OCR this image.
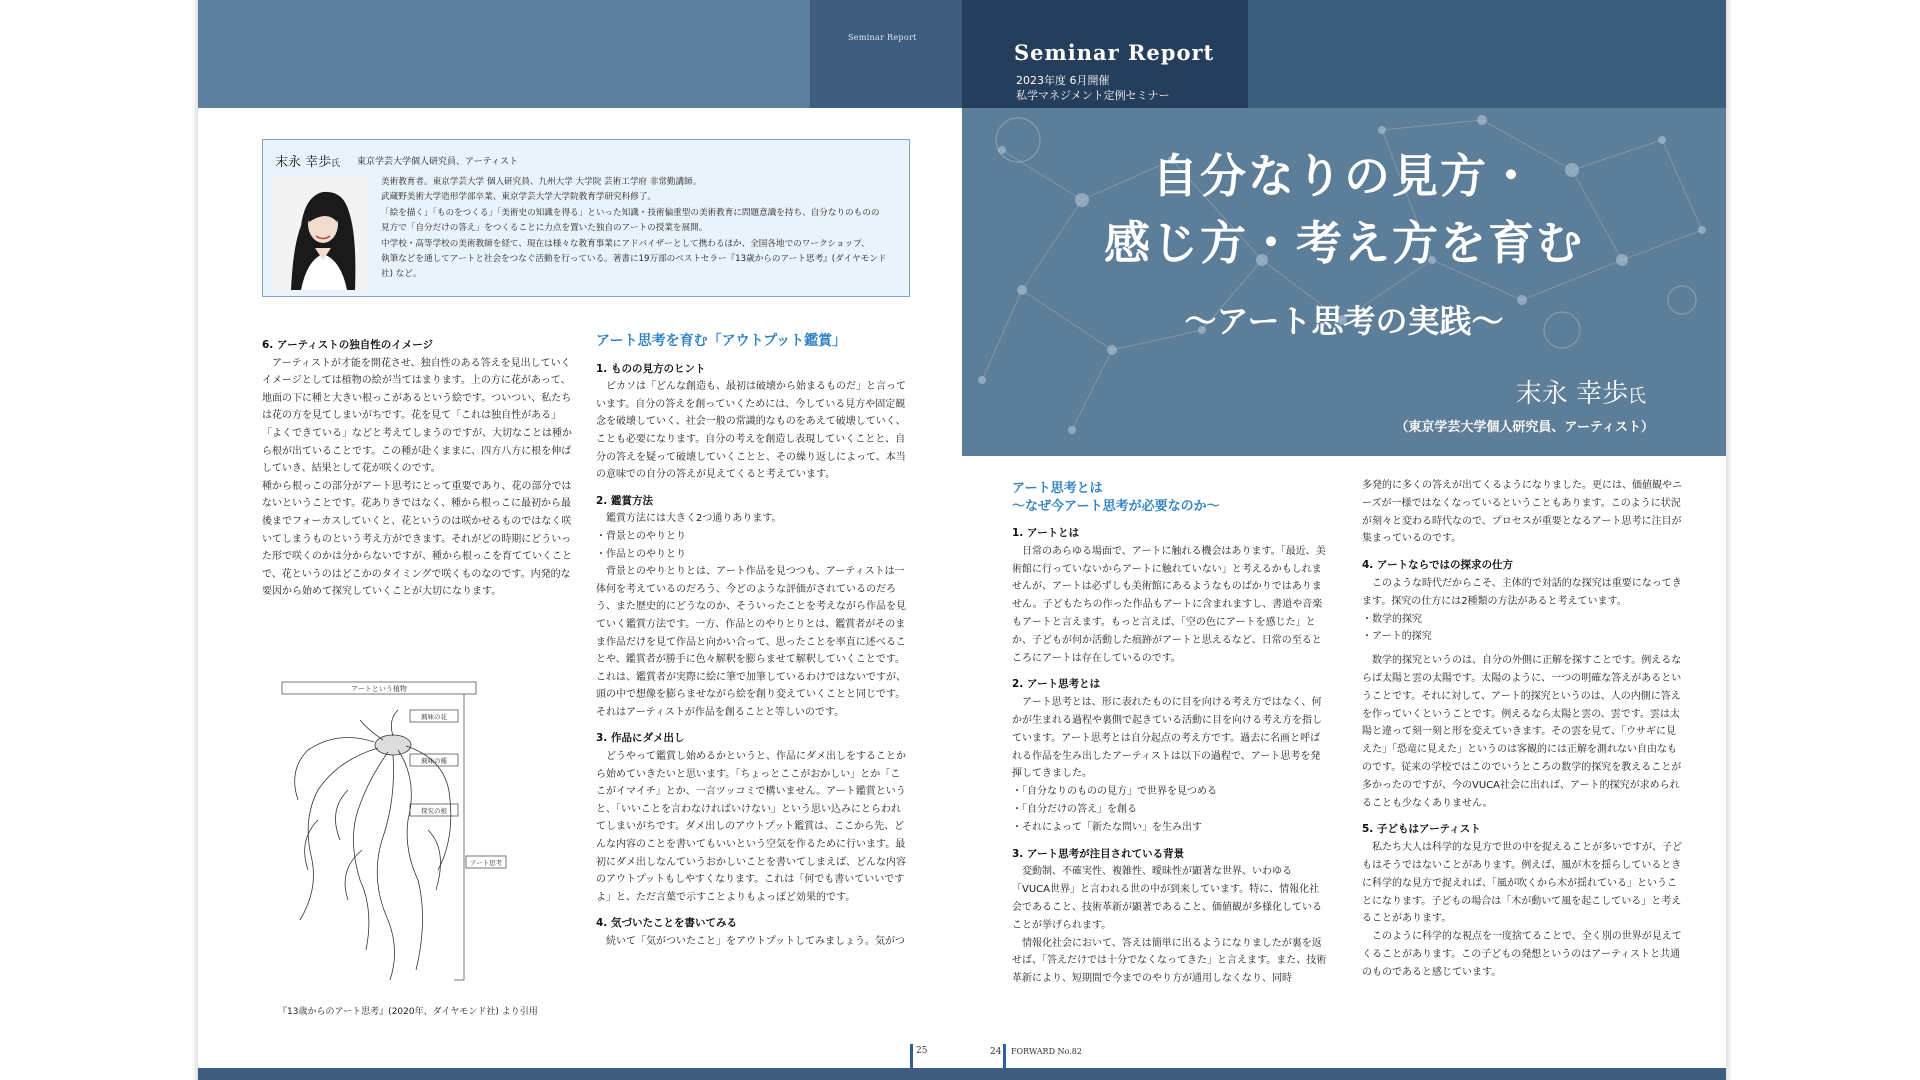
Seminar Report
末永 幸歩氏 東京学芸大学個人研究員、アーティスト

美術教育者。東京学芸大学 個人研究員、九州大学 大学院 芸術工学府 非常勤講師。

武蔵野美術大学造形学部卒業、東京学芸大学大学院教育学研究科修了。

「絵を描く」「ものをつくる」「美術史の知識を得る」といった知識・技術偏重型の美術教育に問題意識を持ち、自分なりのものの

見方で「自分だけの答え」をつくることに力点を置いた独自のアートの授業を展開。

中学校・高等学校の美術教師を経て、現在は様々な教育事業にアドバイザーとして携わるほか、全国各地でのワークショップ、

執筆などを通してアートと社会をつなぐ活動を行っている。著書に19万部のベストセラー『13歳からのアート思考』(ダイヤモンド

社) など。

6. アーティストの独自性のイメージ

アーティストが才能を開花させ、独自性のある答えを見出していくイメージとしては植物の絵が当てはまります。上の方に花があって、地面の下に種と大きい根っこがあるという絵です。ついつい、私たちは花の方を見てしまいがちです。花を見て「これは独自性がある」「よくできている」などと考えてしまうのですが、大切なことは種から根が出ていることです。この種が赴くままに、四方八方に根を伸ばしていき、結果として花が咲くのです。

種から根っこの部分がアート思考にとって重要であり、花の部分ではないということです。花ありきではなく、種から根っこに最初から最後までフォーカスしていくと、花というのは咲かせるものではなく咲いてしまうものという考え方ができます。それがどの時期にどういった形で咲くのかは分からないですが、種から根っこを育てていくことで、花というのはどこかのタイミングで咲くものなのです。内発的な要因から始めて探究していくことが大切になります。

アートという植物
興味の花
興味の種
探究の根
アート思考
『13歳からのアート思考』(2020年、ダイヤモンド社) より引用

アート思考を育む「アウトプット鑑賞」

1. ものの見方のヒント

ピカソは「どんな創造も、最初は破壊から始まるものだ」と言っています。自分の答えを創っていくためには、今している見方や固定観念を破壊していく、社会一般の常識的なものをあえて破壊していく、ことも必要になります。自分の考えを創造し表現していくことと、自分の答えを疑って破壊していくことと、その繰り返しによって、本当の意味での自分の答えが見えてくると考えています。

2. 鑑賞方法

鑑賞方法には大きく2つ通りあります。

・背景とのやりとり

・作品とのやりとり

背景とのやりとりとは、アート作品を見つつも、アーティストは一体何を考えているのだろう、今どのような評価がされているのだろう、また歴史的にどうなのか、そういったことを考えながら作品を見ていく鑑賞方法です。一方、作品とのやりとりとは、鑑賞者がそのまま作品だけを見て作品と向かい合って、思ったことを率直に述べることや、鑑賞者が勝手に色々解釈を膨らませて解釈していくことです。これは、鑑賞者が実際に絵に筆で加筆しているわけではないですが、頭の中で想像を膨らませながら絵を創り変えていくことと同じです。それはアーティストが作品を創ることと等しいのです。

3. 作品にダメ出し

どうやって鑑賞し始めるかというと、作品にダメ出しをすることから始めていきたいと思います。「ちょっとここがおかしい」とか「ここがイマイチ」とか、一言ツッコミで構いません。アート鑑賞というと、「いいことを言わなければいけない」という思い込みにとらわれてしまいがちです。ダメ出しのアウトプット鑑賞は、ここから先、どんな内容のことを書いてもいいという空気を作るために行います。最初にダメ出しなんていうおかしいことを書いてしまえば、どんな内容のアウトプットもしやすくなります。これは「何でも書いていいですよ」と、ただ言葉で示すことよりもよっぽど効果的です。

4. 気づいたことを書いてみる

続いて「気がついたこと」をアウトプットしてみましょう。気がつ

25
Seminar Report
2023年度 6月開催
私学マネジメント定例セミナー
自分なりの見方・
感じ方・考え方を育む
〜アート思考の実践〜
末永 幸歩氏
（東京学芸大学個人研究員、アーティスト）

アート思考とは

〜なぜ今アート思考が必要なのか〜

1. アートとは

日常のあらゆる場面で、アートに触れる機会はあります。「最近、美術館に行っていないからアートに触れていない」と考えるかもしれませんが、アートは必ずしも美術館にあるようなものばかりではありません。子どもたちの作った作品もアートに含まれますし、書道や音楽もアートと言えます。もっと言えば、「空の色にアートを感じた」とか、子どもが何か活動した痕跡がアートと思えるなど、日常の至るところにアートは存在しているのです。

2. アート思考とは

アート思考とは、形に表れたものに目を向ける考え方ではなく、何かが生まれる過程や裏側で起きている活動に目を向ける考え方を指しています。アート思考とは自分起点の考え方です。過去に名画と呼ばれる作品を生み出したアーティストは以下の過程で、アート思考を発揮してきました。

・「自分なりのものの見方」で世界を見つめる

・「自分だけの答え」を創る

・それによって「新たな問い」を生み出す

3. アート思考が注目されている背景

変動制、不確実性、複雑性、曖昧性が顕著な世界、いわゆる「VUCA世界」と言われる世の中が到来しています。特に、情報化社会であること、技術革新が顕著であること、価値観が多様化していることが挙げられます。

情報化社会において、答えは簡単に出るようになりましたが裏を返せば、「答えだけでは十分でなくなってきた」と言えます。また、技術革新により、短期間で今までのやり方が通用しなくなり、同時

多発的に多くの答えが出てくるようになりました。更には、価値観やニーズが一様ではなくなっているということもあります。このように状況が刻々と変わる時代なので、プロセスが重要となるアート思考に注目が集まっているのです。

4. アートならではの探求の仕方

このような時代だからこそ、主体的で対話的な探究は重要になってきます。探究の仕方には2種類の方法があると考えています。

・数学的探究

・アート的探究

数学的探究というのは、自分の外側に正解を探すことです。例えるならば太陽と雲の太陽です。太陽のように、一つの明確な答えがあるということです。それに対して、アート的探究というのは、人の内側に答えを作っていくということです。例えるなら太陽と雲の、雲です。雲は太陽と違って刻一刻と形を変えていきます。その雲を見て、「ウサギに見えた」「恐竜に見えた」というのは客観的には正解を測れない自由なものです。従来の学校ではこのでいうところの数学的探究を教えることが多かったのですが、今のVUCA社会に出れば、アート的探究が求められることも少なくありません。

5. 子どもはアーティスト

私たち大人は科学的な見方で世の中を捉えることが多いですが、子どもはそうではないことがあります。例えば、風が木を揺らしているときに科学的な見方で捉えれば、「風が吹くから木が揺れている」ということになります。子どもの場合は「木が動いて風を起こしている」と考えることがあります。

このように科学的な視点を一度捨てることで、全く別の世界が見えてくることがあります。この子どもの発想というのはアーティストと共通のものであると感じています。

24 FORWARD No.82
